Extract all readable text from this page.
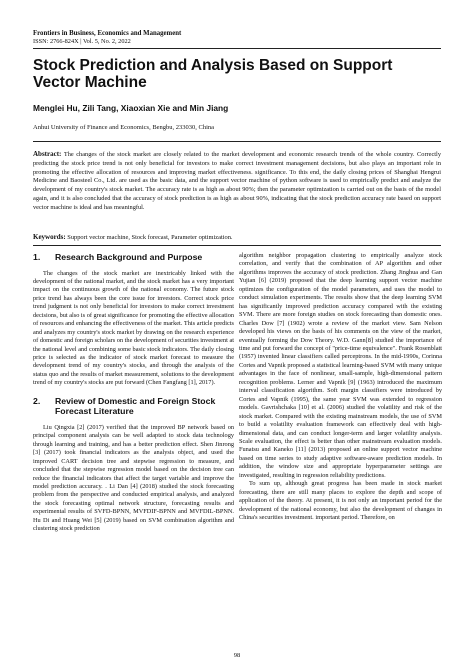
Frontiers in Business, Economics and Management
ISSN: 2766-824X | Vol. 5, No. 2, 2022
Stock Prediction and Analysis Based on Support Vector Machine
Menglei Hu, Zili Tang, Xiaoxian Xie and Min Jiang
Anhui University of Finance and Economics, Bengbu, 233030, China
Abstract: The changes of the stock market are closely related to the market development and economic research trends of the whole country. Correctly predicting the stock price trend is not only beneficial for investors to make correct investment management decisions, but also plays an important role in promoting the effective allocation of resources and improving market effectiveness. significance. To this end, the daily closing prices of Shanghai Hengrui Medicine and Baosteel Co., Ltd. are used as the basic data, and the support vector machine of python software is used to empirically predict and analyze the development of my country's stock market. The accuracy rate is as high as about 90%; then the parameter optimization is carried out on the basis of the model again, and it is also concluded that the accuracy of stock prediction is as high as about 90%, indicating that the stock prediction accuracy rate based on support vector machine is ideal and has meaningful.
Keywords: Support vector machine, Stock forecast, Parameter optimization.
1.	Research Background and Purpose

The changes of the stock market are inextricably linked with the development of the national market, and the stock market has a very important impact on the continuous growth of the national economy. The future stock price trend has always been the core issue for investors. Correct stock price trend judgment is not only beneficial for investors to make correct investment decisions, but also is of great significance for promoting the effective allocation of resources and enhancing the effectiveness of the market. This article predicts and analyzes my country's stock market by drawing on the research experience of domestic and foreign scholars on the development of securities investment at the national level and combining some basic stock indicators. The daily closing price is selected as the indicator of stock market forecast to measure the development trend of my country's stocks, and through the analysis of the status quo and the results of market measurement, solutions to the development trend of my country's stocks are put forward (Chen Fangfang [1], 2017).

2.	Review of Domestic and Foreign Stock Forecast Literature

Liu Qingxia [2] (2017) verified that the improved BP network based on principal component analysis can be well adapted to stock data technology through learning and training, and has a better prediction effect. Shen Jinrong [3] (2017) took financial indicators as the analysis object, and used the improved CART decision tree and stepwise regression to measure, and concluded that the stepwise regression model based on the decision tree can reduce the financial indicators that affect the target variable and improve the model prediction accuracy. . Li Dan [4] (2018) studied the stock forecasting problem from the perspective and conducted empirical analysis, and analyzed the stock forecasting optimal network structure, forecasting results and experimental results of SVFD-BPNN, MVFDIF-BPNN and MVFDIL-BPNN. Hu Di and Huang Wei [5] (2019) based on SVM combination algorithm and clustering stock prediction

algorithm neighbor propagation clustering to empirically analyze stock correlation, and verify that the combination of AP algorithm and other algorithms improves the accuracy of stock prediction. Zhang Jinghua and Gan Yujian [6] (2019) proposed that the deep learning support vector machine optimizes the configuration of the model parameters, and uses the model to conduct simulation experiments. The results show that the deep learning SVM has significantly improved prediction accuracy compared with the existing SVM. There are more foreign studies on stock forecasting than domestic ones. Charles Dow [7] (1902) wrote a review of the market view. Sam Nelson developed his views on the basis of his comments on the view of the market, eventually forming the Dow Theory. W.D. Gann[8] studied the importance of time and put forward the concept of "price-time equivalence". Frank Rosenblatt (1957) invented linear classifiers called perceptrons. In the mid-1990s, Corinna Cortes and Vapnik proposed a statistical learning-based SVM with many unique advantages in the face of nonlinear, small-sample, high-dimensional pattern recognition problems. Lerner and Vapnik [9] (1963) introduced the maximum interval classification algorithm. Soft margin classifiers were introduced by Cortes and Vapnik (1995), the same year SVM was extended to regression models. Gavrishchaka [10] et al. (2006) studied the volatility and risk of the stock market. Compared with the existing mainstream models, the use of SVM to build a volatility evaluation framework can effectively deal with high-dimensional data, and can conduct longer-term and larger volatility analysis. Scale evaluation, the effect is better than other mainstream evaluation models. Funatsu and Kaneko [11] (2013) proposed an online support vector machine based on time series to study adaptive software-aware prediction models. In addition, the window size and appropriate hyperparameter settings are investigated, resulting in regression reliability predictions.

To sum up, although great progress has been made in stock market forecasting, there are still many places to explore the depth and scope of application of the theory. At present, it is not only an important period for the development of the national economy, but also the development of changes in China's securities investment. important period. Therefore, on

98
